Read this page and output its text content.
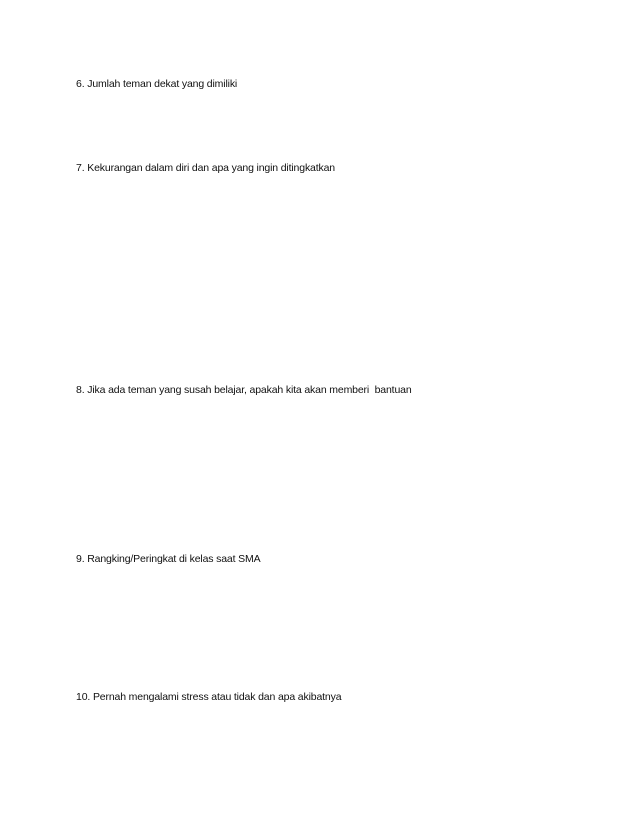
6. Jumlah teman dekat yang dimiliki
7. Kekurangan dalam diri dan apa yang ingin ditingkatkan
8. Jika ada teman yang susah belajar, apakah kita akan memberi  bantuan
9. Rangking/Peringkat di kelas saat SMA
10. Pernah mengalami stress atau tidak dan apa akibatnya
